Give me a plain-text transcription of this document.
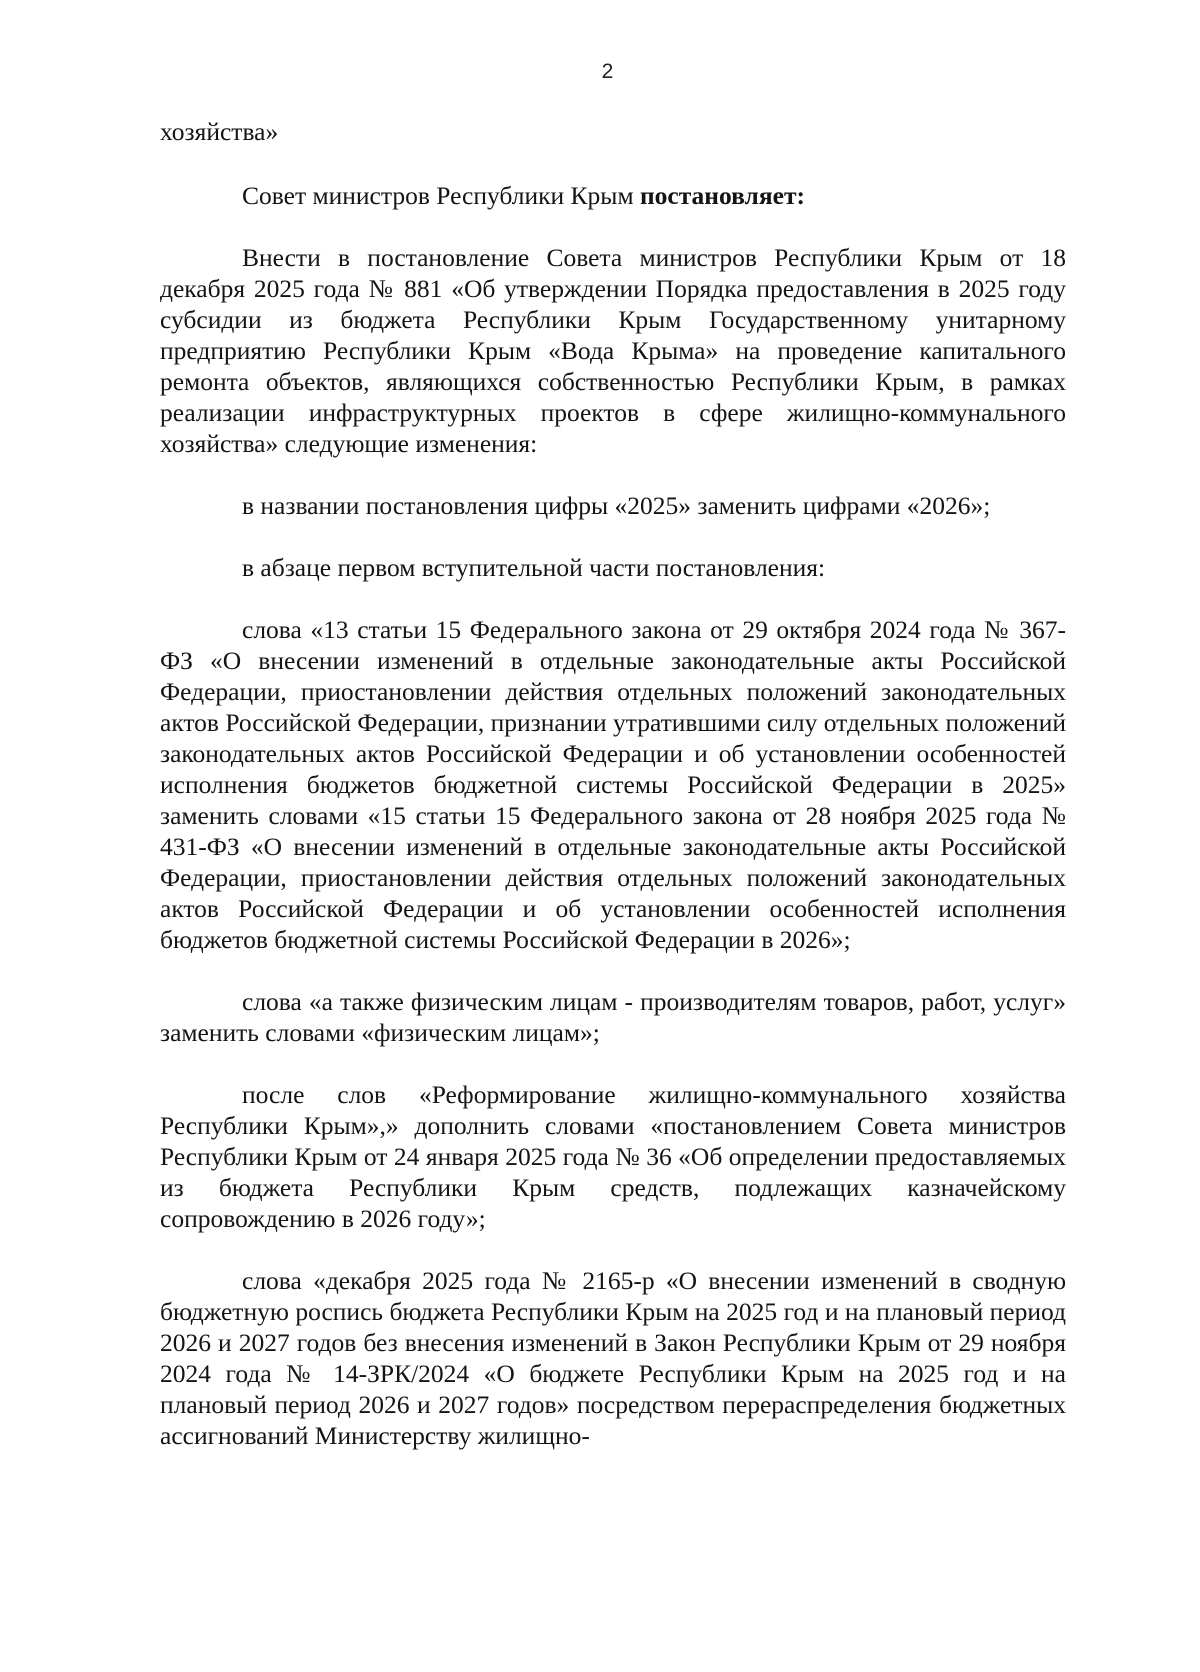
2

хозяйства»

Совет министров Республики Крым постановляет:

Внести в постановление Совета министров Республики Крым от 18 декабря 2025 года № 881 «Об утверждении Порядка предоставления в 2025 году субсидии из бюджета Республики Крым Государственному унитарному предприятию Республики Крым «Вода Крыма» на проведение капитального ремонта объектов, являющихся собственностью Республики Крым, в рамках реализации инфраструктурных проектов в сфере жилищно-коммунального хозяйства» следующие изменения:

в названии постановления цифры «2025» заменить цифрами «2026»;

в абзаце первом вступительной части постановления:

слова «13 статьи 15 Федерального закона от 29 октября 2024 года № 367-ФЗ «О внесении изменений в отдельные законодательные акты Российской Федерации, приостановлении действия отдельных положений законодательных актов Российской Федерации, признании утратившими силу отдельных положений законодательных актов Российской Федерации и об установлении особенностей исполнения бюджетов бюджетной системы Российской Федерации в 2025» заменить словами «15 статьи 15 Федерального закона от 28 ноября 2025 года № 431-ФЗ «О внесении изменений в отдельные законодательные акты Российской Федерации, приостановлении действия отдельных положений законодательных актов Российской Федерации и об установлении особенностей исполнения бюджетов бюджетной системы Российской Федерации в 2026»;

слова «а также физическим лицам - производителям товаров, работ, услуг» заменить словами «физическим лицам»;

после слов «Реформирование жилищно-коммунального хозяйства Республики Крым»,» дополнить словами «постановлением Совета министров Республики Крым от 24 января 2025 года № 36 «Об определении предоставляемых из бюджета Республики Крым средств, подлежащих казначейскому сопровождению в 2026 году»;

слова «декабря 2025 года № 2165-р «О внесении изменений в сводную бюджетную роспись бюджета Республики Крым на 2025 год и на плановый период 2026 и 2027 годов без внесения изменений в Закон Республики Крым от 29 ноября 2024 года № 14-ЗРК/2024 «О бюджете Республики Крым на 2025 год и на плановый период 2026 и 2027 годов» посредством перераспределения бюджетных ассигнований Министерству жилищно-
